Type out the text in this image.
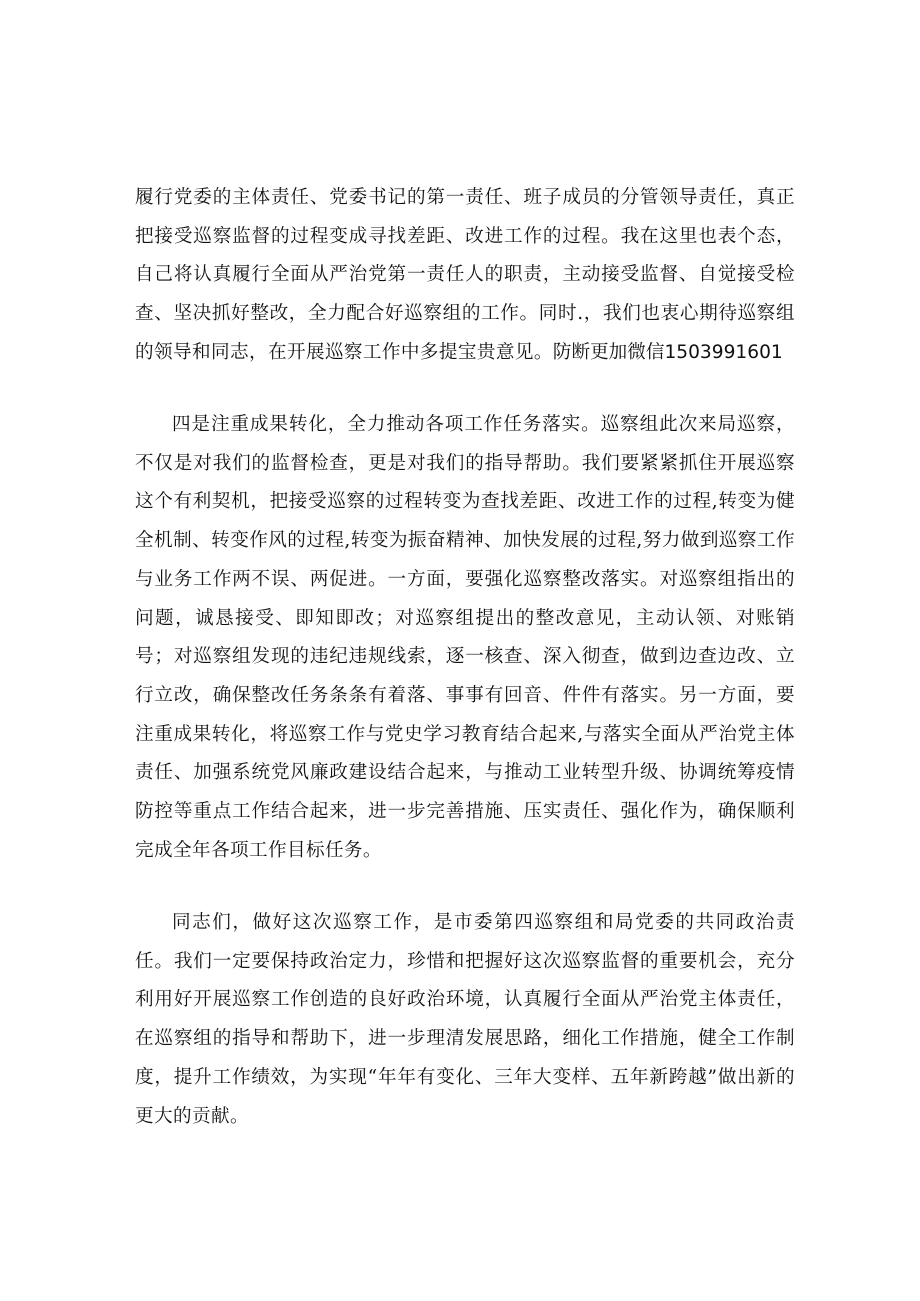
履行党委的主体责任、党委书记的第一责任、班子成员的分管领导责任，真正把接受巡察监督的过程变成寻找差距、改进工作的过程。我在这里也表个态，自己将认真履行全面从严治党第一责任人的职责，主动接受监督、自觉接受检查、坚决抓好整改，全力配合好巡察组的工作。同时.，我们也衷心期待巡察组的领导和同志，在开展巡察工作中多提宝贵意见。防断更加微信1503991601

四是注重成果转化，全力推动各项工作任务落实。巡察组此次来局巡察，不仅是对我们的监督检查，更是对我们的指导帮助。我们要紧紧抓住开展巡察这个有利契机，把接受巡察的过程转变为查找差距、改进工作的过程,转变为健全机制、转变作风的过程,转变为振奋精神、加快发展的过程,努力做到巡察工作与业务工作两不误、两促进。一方面，要强化巡察整改落实。对巡察组指出的问题，诚恳接受、即知即改；对巡察组提出的整改意见，主动认领、对账销号；对巡察组发现的违纪违规线索，逐一核查、深入彻查，做到边查边改、立行立改，确保整改任务条条有着落、事事有回音、件件有落实。另一方面，要注重成果转化，将巡察工作与党史学习教育结合起来,与落实全面从严治党主体责任、加强系统党风廉政建设结合起来，与推动工业转型升级、协调统筹疫情防控等重点工作结合起来，进一步完善措施、压实责任、强化作为，确保顺利完成全年各项工作目标任务。

同志们，做好这次巡察工作，是市委第四巡察组和局党委的共同政治责任。我们一定要保持政治定力，珍惜和把握好这次巡察监督的重要机会，充分利用好开展巡察工作创造的良好政治环境，认真履行全面从严治党主体责任，在巡察组的指导和帮助下，进一步理清发展思路，细化工作措施，健全工作制度，提升工作绩效，为实现“年年有变化、三年大变样、五年新跨越”做出新的更大的贡献。
